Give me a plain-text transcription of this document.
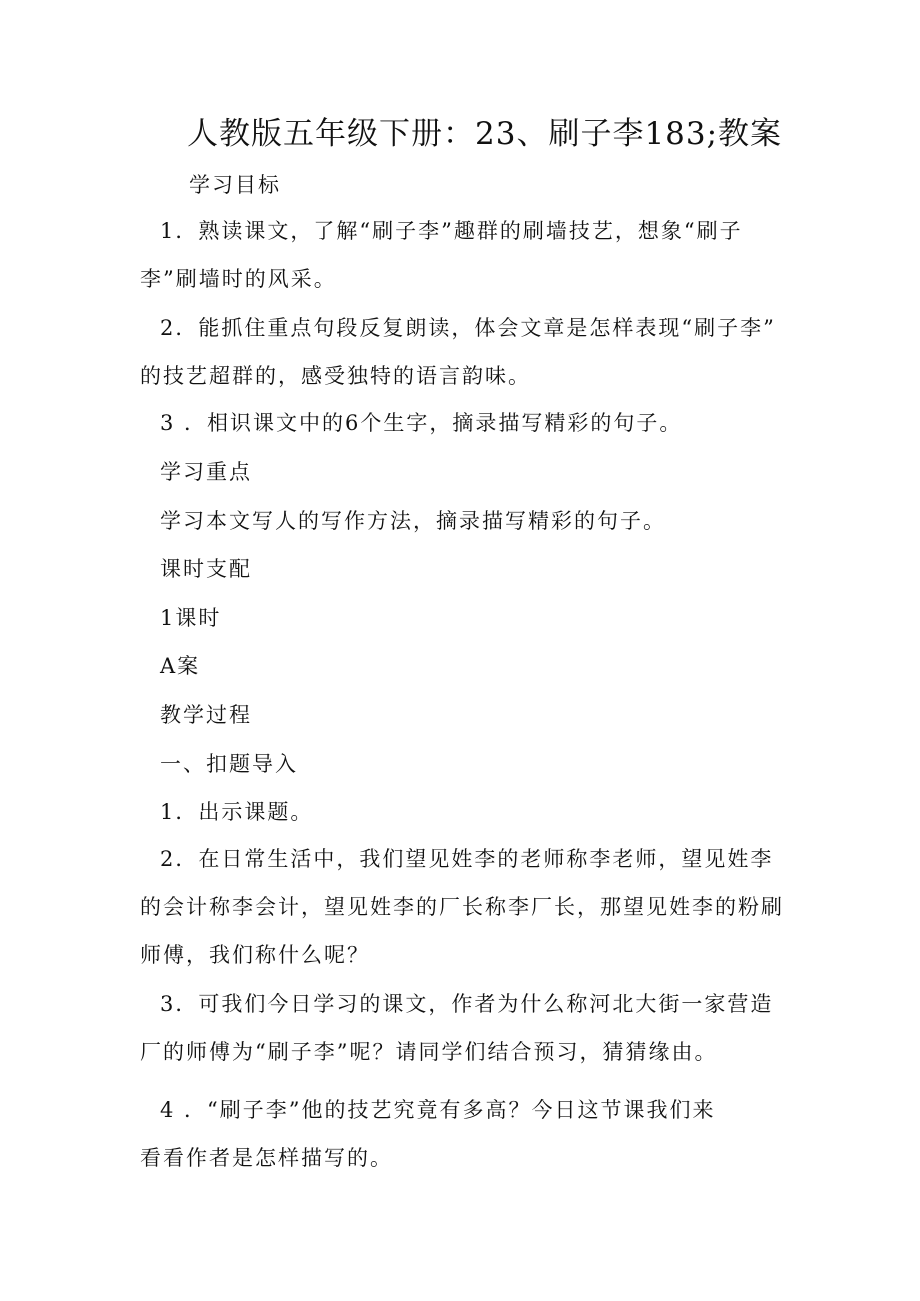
人教版五年级下册：23、刷子李183;教案
学习目标
1．熟读课文，了解“刷子李”趣群的刷墙技艺，想象“刷子
李”刷墙时的风采。
2．能抓住重点句段反复朗读，体会文章是怎样表现“刷子李”
的技艺超群的，感受独特的语言韵味。
3 ．相识课文中的6个生字，摘录描写精彩的句子。
学习重点
学习本文写人的写作方法，摘录描写精彩的句子。
课时支配
1课时
A案
教学过程
一、扣题导入
1．出示课题。
2．在日常生活中，我们望见姓李的老师称李老师，望见姓李
的会计称李会计，望见姓李的厂长称李厂长，那望见姓李的粉刷
师傅，我们称什么呢？
3．可我们今日学习的课文，作者为什么称河北大街一家营造
厂的师傅为“刷子李”呢？请同学们结合预习，猜猜缘由。
4 ．“刷子李”他的技艺究竟有多高？今日这节课我们来
看看作者是怎样描写的。
